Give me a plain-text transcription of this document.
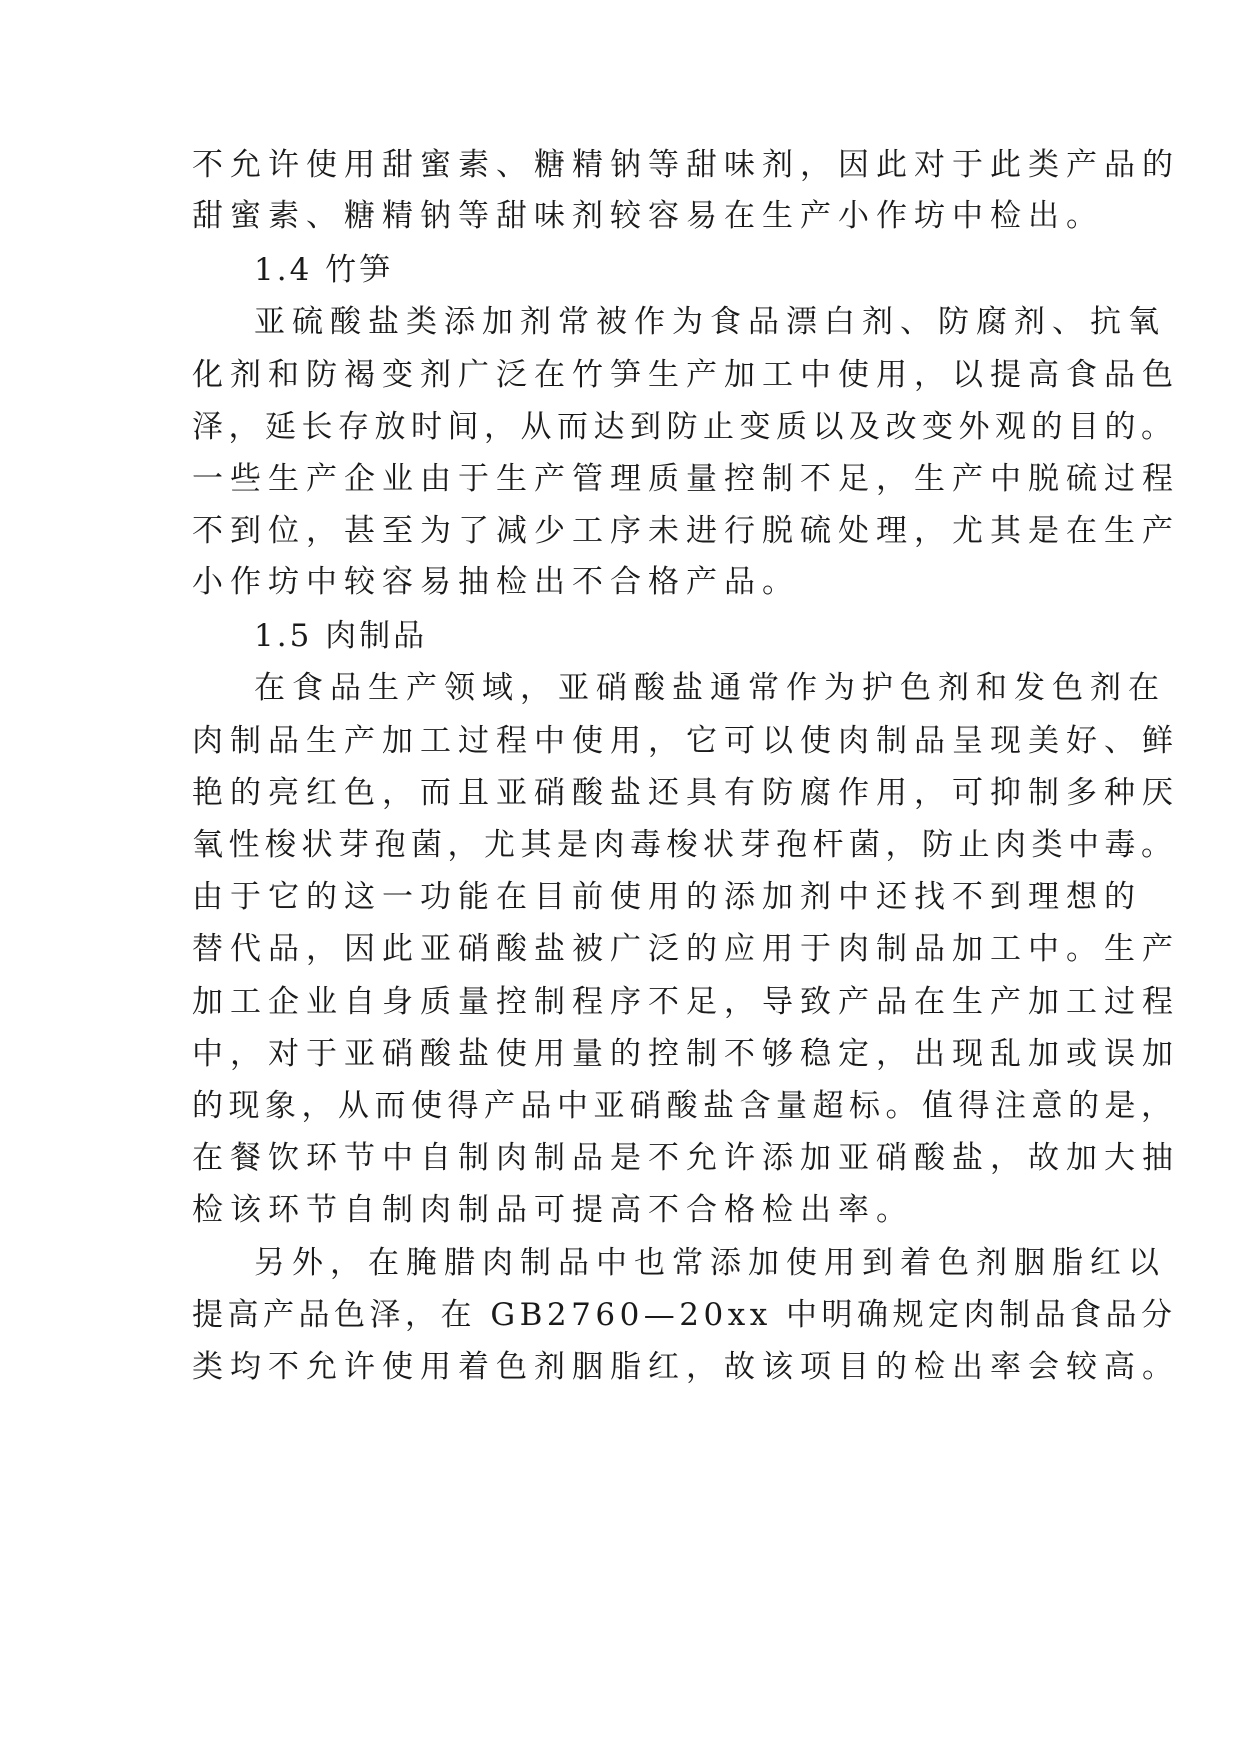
不允许使用甜蜜素、糖精钠等甜味剂，因此对于此类产品的
甜蜜素、糖精钠等甜味剂较容易在生产小作坊中检出。
1.4 竹笋
亚硫酸盐类添加剂常被作为食品漂白剂、防腐剂、抗氧
化剂和防褐变剂广泛在竹笋生产加工中使用，以提高食品色
泽，延长存放时间，从而达到防止变质以及改变外观的目的。
一些生产企业由于生产管理质量控制不足，生产中脱硫过程
不到位，甚至为了减少工序未进行脱硫处理，尤其是在生产
小作坊中较容易抽检出不合格产品。
1.5 肉制品
在食品生产领域，亚硝酸盐通常作为护色剂和发色剂在
肉制品生产加工过程中使用，它可以使肉制品呈现美好、鲜
艳的亮红色，而且亚硝酸盐还具有防腐作用，可抑制多种厌
氧性梭状芽孢菌，尤其是肉毒梭状芽孢杆菌，防止肉类中毒。
由于它的这一功能在目前使用的添加剂中还找不到理想的
替代品，因此亚硝酸盐被广泛的应用于肉制品加工中。生产
加工企业自身质量控制程序不足，导致产品在生产加工过程
中，对于亚硝酸盐使用量的控制不够稳定，出现乱加或误加
的现象，从而使得产品中亚硝酸盐含量超标。值得注意的是，
在餐饮环节中自制肉制品是不允许添加亚硝酸盐，故加大抽
检该环节自制肉制品可提高不合格检出率。
另外，在腌腊肉制品中也常添加使用到着色剂胭脂红以
提高产品色泽，在 GB2760—20xx 中明确规定肉制品食品分
类均不允许使用着色剂胭脂红，故该项目的检出率会较高。
